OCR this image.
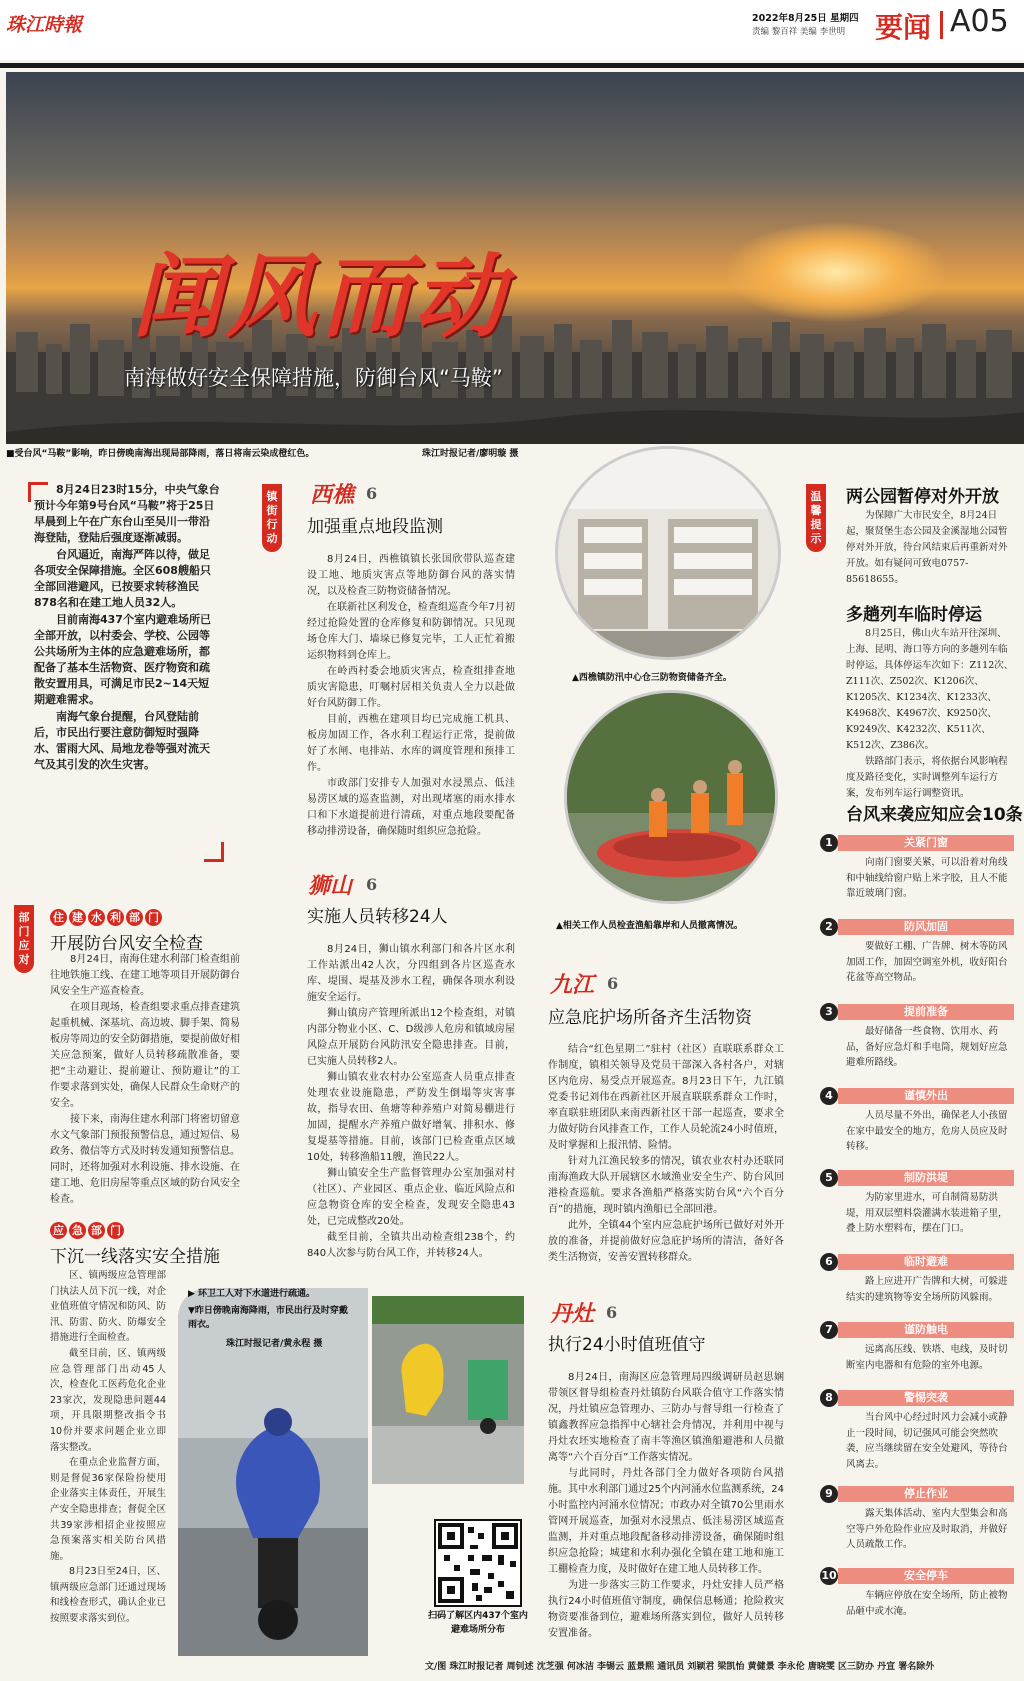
珠江時報	2022年8月25日 星期四
责编 黎百祥 美编 李世明 要闻 A05
闻风而动
南海做好安全保障措施，防御台风“马鞍”
■受台风“马鞍”影响，昨日傍晚南海出现局部降雨，落日将南云染成橙红色。	珠江时报记者/廖明璇 摄

8月24日23时15分，中央气象台预计今年第9号台风“马鞍”将于25日早晨到上午在广东台山至吴川一带沿海登陆，登陆后强度逐渐减弱。

台风逼近，南海严阵以待，做足各项安全保障措施。全区608艘船只全部回港避风，已按要求转移渔民878名和在建工地人员32人。

目前南海437个室内避难场所已全部开放，以村委会、学校、公园等公共场所为主体的应急避难场所，都配备了基本生活物资、医疗物资和疏散安置用具，可满足市民2~14天短期避难需求。

南海气象台提醒，台风登陆前后，市民出行要注意防御短时强降水、雷雨大风、局地龙卷等强对流天气及其引发的次生灾害。

镇街行动
部门应对
温馨提示
西樵 6
加强重点地段监测

8月24日，西樵镇镇长张国欣带队巡查建设工地、地质灾害点等地防御台风的落实情况，以及检查三防物资储备情况。

在联新社区利发仓，检查组巡查今年7月初经过抢险处置的仓库修复和防御情况。只见现场仓库大门、墙垛已修复完毕，工人正忙着搬运织物料到仓库上。

在岭西村委会地质灾害点，检查组排查地质灾害隐患，叮嘱村居相关负责人全力以赴做好台风防御工作。

目前，西樵在建项目均已完成施工机具、板房加固工作，各水利工程运行正常，提前做好了水闸、电排站、水库的调度管理和预排工作。

市政部门安排专人加强对水浸黑点、低洼易涝区域的巡查监测，对出现堵塞的雨水排水口和下水道提前进行清疏，对重点地段要配备移动排涝设备，确保随时组织应急抢险。

狮山 6
实施人员转移24人

8月24日，狮山镇水利部门和各片区水利工作站派出42人次，分四组到各片区巡查水库、堤围、堤基及涉水工程，确保各项水利设施安全运行。

狮山镇房产管理所派出12个检查组，对镇内部分物业小区、C、D级涉人危房和镇域房屋风险点开展防台风防汛安全隐患排查。目前，已实施人员转移2人。

狮山镇农业农村办公室巡查人员重点排查处理农业设施隐患，严防发生倒塌等灾害事故，指导农田、鱼塘等种养殖户对简易棚进行加固，提醒水产养殖户做好增氧、排积水、修复堤基等措施。目前，该部门已检查重点区域10处，转移渔船11艘，渔民22人。

狮山镇安全生产监督管理办公室加强对村（社区）、产业园区、重点企业、临近风险点和应急物资仓库的安全检查，发现安全隐患43处，已完成整改20处。

截至目前，全镇共出动检查组238个，约840人次参与防台风工作，并转移24人。

住 建 水 利 部 门
开展防台风安全检查

8月24日，南海住建水利部门检查组前往地铁施工线、在建工地等项目开展防御台风安全生产巡查检查。

在项目现场，检查组要求重点排查建筑起重机械、深基坑、高边坡、脚手架、简易板房等周边的安全防御措施，要提前做好相关应急预案，做好人员转移疏散准备，要把“主动避让、提前避让、预防避让”的工作要求落到实处，确保人民群众生命财产的安全。

接下来，南海住建水利部门将密切留意水文气象部门预报预警信息，通过短信、易政务、微信等方式及时转发通知预警信息。同时，还将加强对水利设施、排水设施、在建工地、危旧房屋等重点区域的防台风安全检查。

应 急 部 门
下沉一线落实安全措施

区、镇两级应急管理部门执法人员下沉一线，对企业值班值守情况和防风、防汛、防雷、防火、防爆安全措施进行全面检查。

截至目前，区、镇两级应急管理部门出动45人次，检查化工医药危化企业23家次，发现隐患问题44项，开具限期整改指令书10份并要求问题企业立即落实整改。

在重点企业监督方面，则是督促36家保险扮使用企业落实主体责任，开展生产安全隐患排查；督促全区共39家涉相招企业按照应急预案落实相关防台风措施。

8月23日至24日，区、镇两级应急部门还通过现场和线检查形式，确认企业已按照要求落实到位。

▲西樵镇防汛中心仓三防物资储备齐全。
▲相关工作人员检查渔船靠岸和人员撤离情况。
九江 6
应急庇护场所备齐生活物资

结合“红色星期二”驻村（社区）直联联系群众工作制度，镇相关领导及党员干部深入各村各户，对辖区内危房、易受点开展巡查。8月23日下午，九江镇党委书记刘伟在西新社区开展直联联系群众工作时，率直联驻班团队来南西新社区干部一起巡查，要求全力做好防台风排查工作，工作人员轮流24小时值班，及时掌握和上报汛情、险情。

针对九江渔民较多的情况，镇农业农村办还联同南海渔政大队开展辖区水域渔业安全生产、防台风回港检查巡航。要求各渔船严格落实防台风“六个百分百”的措施，现时镇内渔船已全部回港。

此外，全镇44个室内应急庇护场所已做好对外开放的准备，并提前做好应急庇护场所的清洁，备好各类生活物资，安善安置转移群众。

丹灶 6
执行24小时值班值守

8月24日，南海区应急管理局四级调研员赵思娴带领区督导组检查丹灶镇防台风联合值守工作落实情况，丹灶镇应急管理办、三防办与督导组一行检查了镇鑫教挥应急指挥中心辖社会舟情况，并利用中视与丹灶农坯实地检查了南丰等渔区镇渔船避港和人员撤离等“六个百分百”工作落实情况。

与此同时，丹灶各部门全力做好各项防台风措施。其中水利部门通过25个内河涌水位监测系统，24小时监控内河涌水位情况；市政办对全镇70公里雨水管网开展巡查，加强对水浸黑点、低洼易涝区域巡查监测，并对重点地段配备移动排涝设备，确保随时组织应急抢险；城建和水利办强化全镇在建工地和施工工棚检查力度，及时做好在建工地人员转移工作。

为进一步落实三防工作要求，丹灶安排人员严格执行24小时值班值守制度，确保信息畅通；抢险救灾物资要准备到位，避难场所落实到位，做好人员转移安置准备。

▼昨日傍晚南海降雨，市民出行及时穿戴雨衣。
珠江时报记者/黄永程 摄
▶ 环卫工人对下水道进行疏通。
扫码了解区内437个室内避难场所分布
两公园暂停对外开放

为保障广大市民安全，8月24日起，聚贤堡生态公园及金溪湿地公园暂停对外开放，待台风结束后再重新对外开放。如有疑问可致电0757-85618655。

多趟列车临时停运

8月25日，佛山火车站开往深圳、上海、昆明、海口等方向的多趟列车临时停运，具体停运车次如下：Z112次、Z111次、Z502次、K1206次、K1205次、K1234次、K1233次、K4968次、K4967次、K9250次、K9249次、K4232次、K511次、K512次、Z386次。

铁路部门表示，将依据台风影响程度及路径变化，实时调整列车运行方案，发布列车运行调整资讯。

台风来袭应知应会10条
1	关紧门窗
向南门窗要关紧，可以沿着对角线和中轴线给窗户贴上米字胶，且人不能靠近玻璃门窗。
2	防风加固
要做好工棚、广告牌、树木等防风加固工作，加固空调室外机，收好阳台花盆等高空物品。
3	提前准备
最好储备一些食物、饮用水、药品，备好应急灯和手电筒，规划好应急避难所路线。
4	谨慎外出
人员尽量不外出，确保老人小孩留在家中最安全的地方，危房人员应及时转移。
5	制防洪堤
为防家里进水，可自制简易防洪堤，用双层塑料袋灌满水装进箱子里，叠上防水塑料布，摆在门口。
6	临时避难
路上应进开广告牌和大树，可躲进结实的建筑物等安全场所防风躲雨。
7	谨防触电
远离高压线、铁塔、电线，及时切断室内电器和有危险的室外电源。
8	警惕突袭
当台风中心经过时风力会减小或静止一段时间，切记强风可能会突然吹袭，应当继续留在安全处避风，等待台风离去。
9	停止作业
露天集体活动、室内大型集会和高空等户外危险作业应及时取消，并做好人员疏散工作。
10	安全停车
车辆应停放在安全场所，防止被物品砸中或水淹。
文/图 珠江时报记者 周钊述 沈芝强 何冰洁 李锡云 蓝景熙 通讯员 刘颖君 梁凯怡 黄健景 李永伦 唐晓雯 区三防办 丹宣 署名除外
